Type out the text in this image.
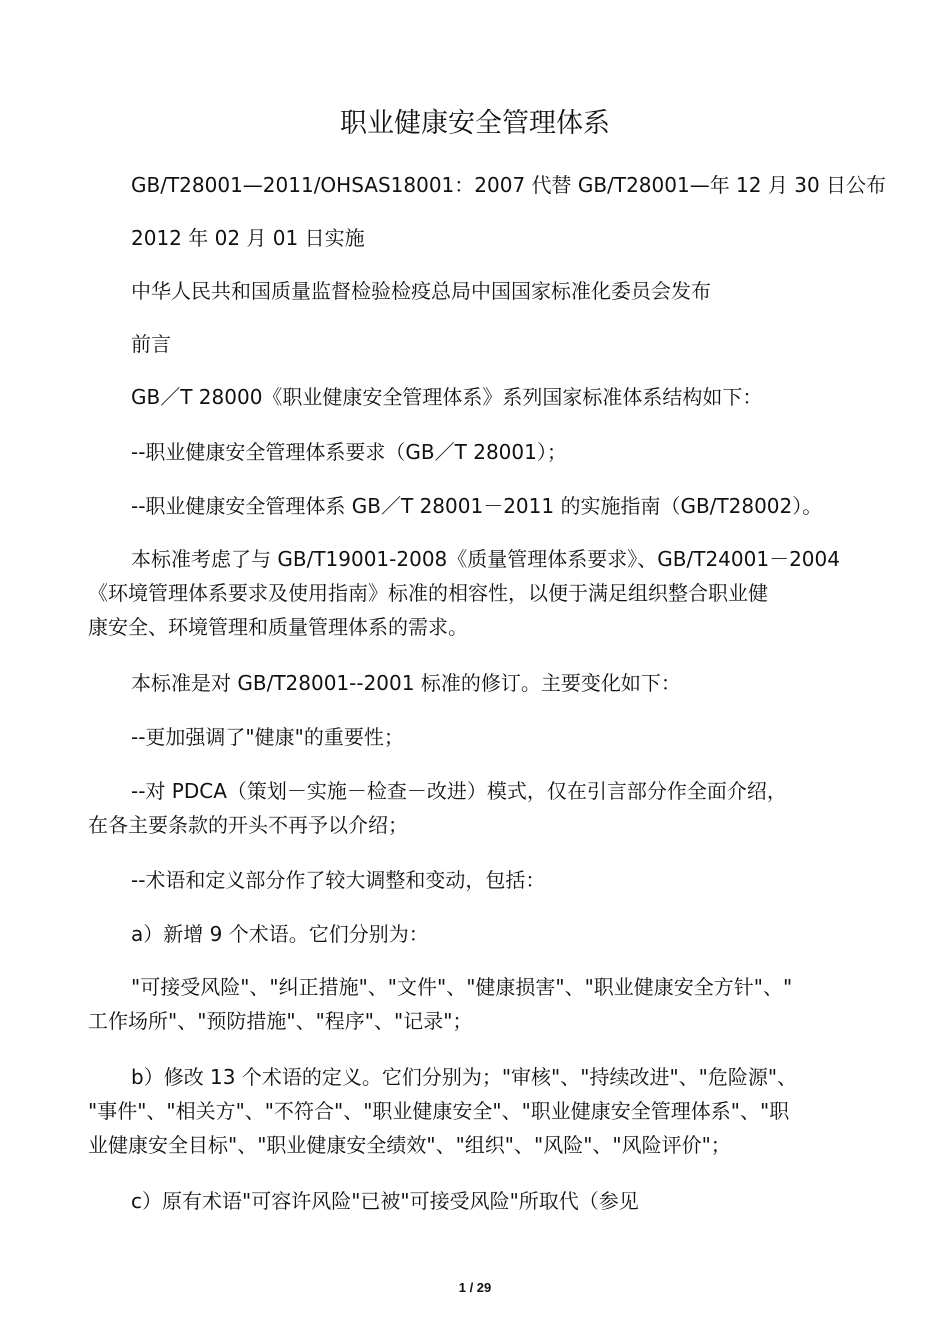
职业健康安全管理体系
GB/T28001—2011/OHSAS18001：2007 代替 GB/T28001—年 12 月 30 日公布
2012 年 02 月 01 日实施
中华人民共和国质量监督检验检疫总局中国国家标准化委员会发布
前言
GB／T 28000《职业健康安全管理体系》系列国家标准体系结构如下：
--职业健康安全管理体系要求（GB／T 28001）；
--职业健康安全管理体系 GB／T 28001－2011 的实施指南（GB/T28002）。
本标准考虑了与 GB/T19001-2008《质量管理体系要求》、GB/T24001－2004
《环境管理体系要求及使用指南》标准的相容性，以便于满足组织整合职业健
康安全、环境管理和质量管理体系的需求。
本标准是对 GB/T28001--2001 标准的修订。主要变化如下：
--更加强调了"健康"的重要性；
--对 PDCA（策划－实施－检查－改进）模式，仅在引言部分作全面介绍，
在各主要条款的开头不再予以介绍；
--术语和定义部分作了较大调整和变动，包括：
a）新增 9 个术语。它们分别为：
"可接受风险"、"纠正措施"、"文件"、"健康损害"、"职业健康安全方针"、"
工作场所"、"预防措施"、"程序"、"记录"；
b）修改 13 个术语的定义。它们分别为；"审核"、"持续改进"、"危险源"、
"事件"、"相关方"、"不符合"、"职业健康安全"、"职业健康安全管理体系"、"职
业健康安全目标"、"职业健康安全绩效"、"组织"、"风险"、"风险评价"；
c）原有术语"可容许风险"已被"可接受风险"所取代（参见
1 / 29
